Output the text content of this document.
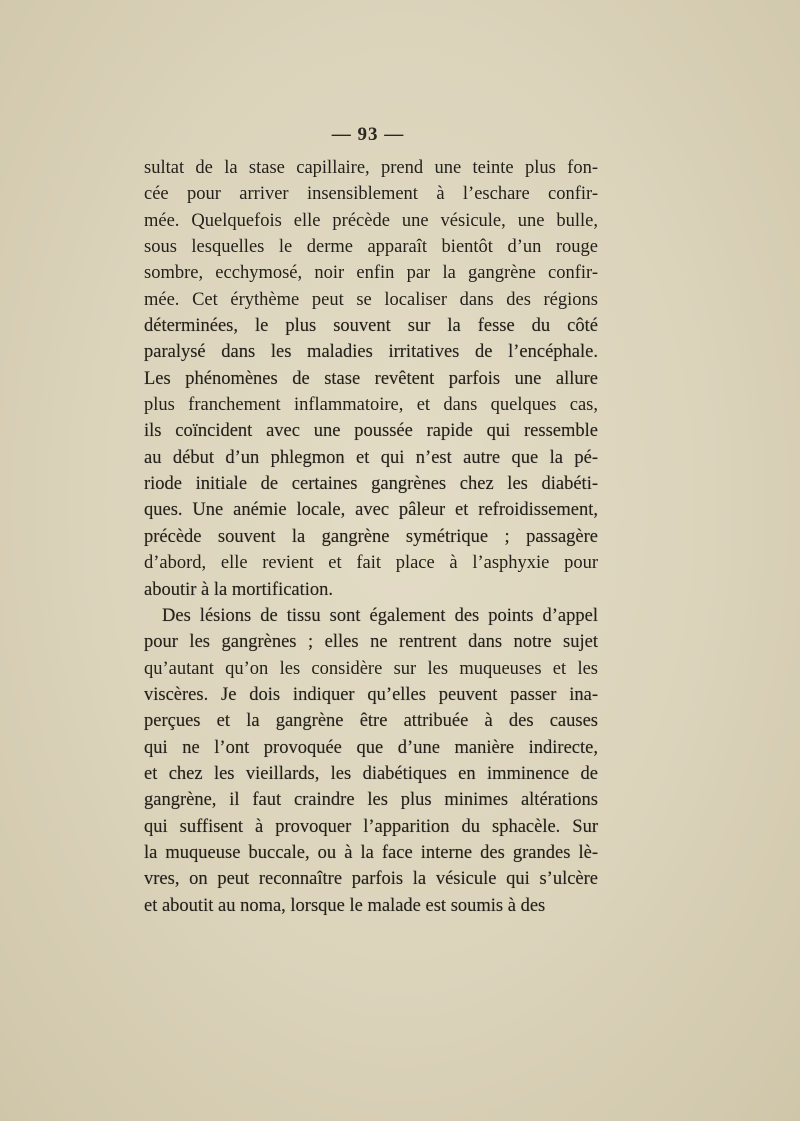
— 93 —
sultat de la stase capillaire, prend une teinte plus fon-
cée pour arriver insensiblement à l’eschare confir-
mée. Quelquefois elle précède une vésicule, une bulle,
sous lesquelles le derme apparaît bientôt d’un rouge
sombre, ecchymosé, noir enfin par la gangrène confir-
mée. Cet érythème peut se localiser dans des régions
déterminées, le plus souvent sur la fesse du côté
paralysé dans les maladies irritatives de l’encéphale.
Les phénomènes de stase revêtent parfois une allure
plus franchement inflammatoire, et dans quelques cas,
ils coïncident avec une poussée rapide qui ressemble
au début d’un phlegmon et qui n’est autre que la pé-
riode initiale de certaines gangrènes chez les diabéti-
ques. Une anémie locale, avec pâleur et refroidissement,
précède souvent la gangrène symétrique ; passagère
d’abord, elle revient et fait place à l’asphyxie pour
aboutir à la mortification.
Des lésions de tissu sont également des points d’appel
pour les gangrènes ; elles ne rentrent dans notre sujet
qu’autant qu’on les considère sur les muqueuses et les
viscères. Je dois indiquer qu’elles peuvent passer ina-
perçues et la gangrène être attribuée à des causes
qui ne l’ont provoquée que d’une manière indirecte,
et chez les vieillards, les diabétiques en imminence de
gangrène, il faut craindre les plus minimes altérations
qui suffisent à provoquer l’apparition du sphacèle. Sur
la muqueuse buccale, ou à la face interne des grandes lè-
vres, on peut reconnaître parfois la vésicule qui s’ulcère
et aboutit au noma, lorsque le malade est soumis à des
